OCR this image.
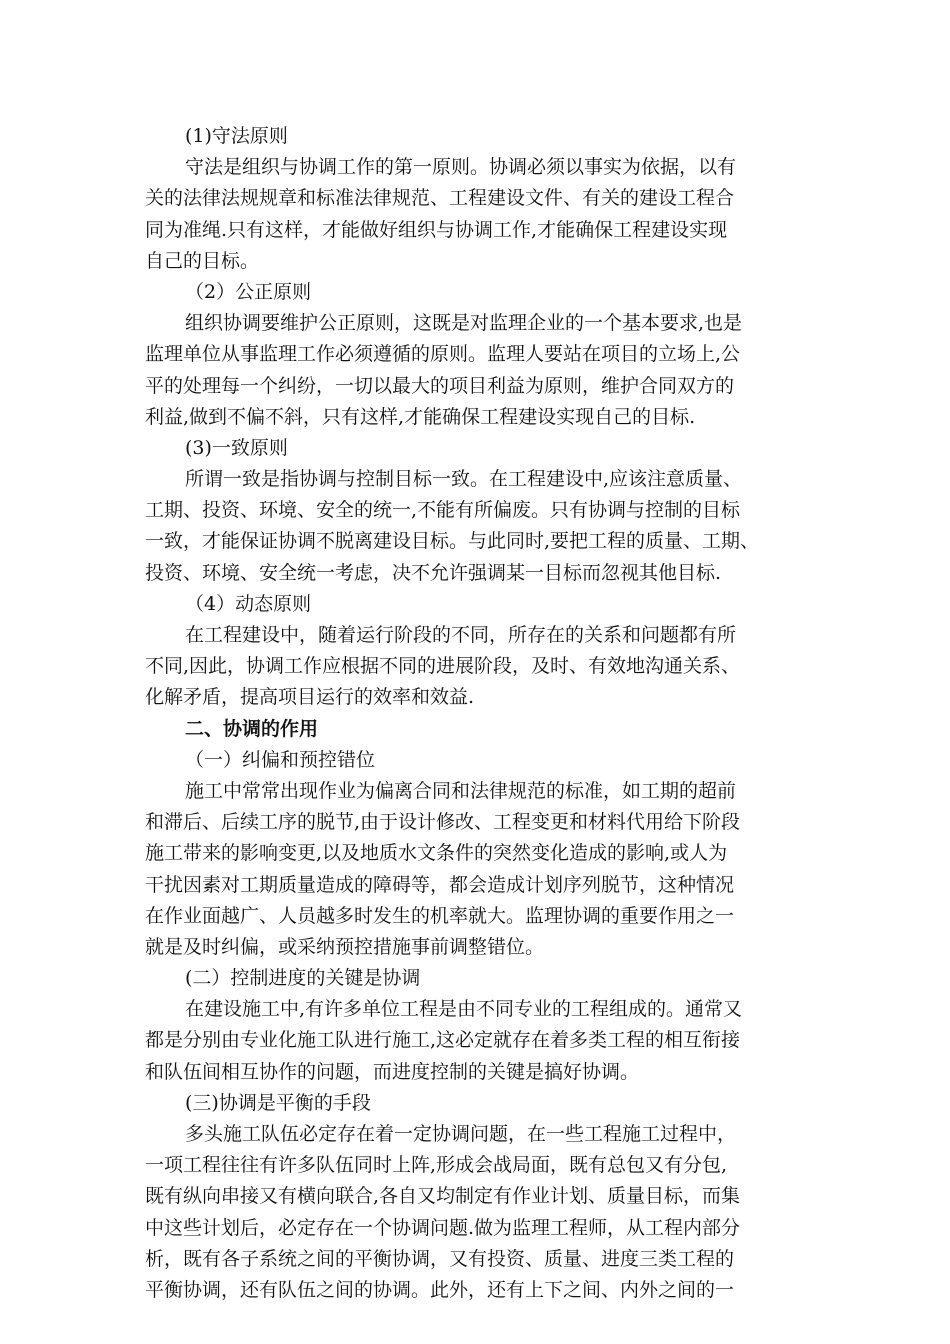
(1)守法原则
守法是组织与协调工作的第一原则。协调必须以事实为依据，以有
关的法律法规规章和标准法律规范、工程建设文件、有关的建设工程合
同为准绳.只有这样，才能做好组织与协调工作,才能确保工程建设实现
自己的目标。
（2）公正原则
组织协调要维护公正原则，这既是对监理企业的一个基本要求,也是
监理单位从事监理工作必须遵循的原则。监理人要站在项目的立场上,公
平的处理每一个纠纷，一切以最大的项目利益为原则，维护合同双方的
利益,做到不偏不斜，只有这样,才能确保工程建设实现自己的目标.
(3)一致原则
所谓一致是指协调与控制目标一致。在工程建设中,应该注意质量、
工期、投资、环境、安全的统一,不能有所偏废。只有协调与控制的目标
一致，才能保证协调不脱离建设目标。与此同时,要把工程的质量、工期、
投资、环境、安全统一考虑，决不允许强调某一目标而忽视其他目标.
（4）动态原则
在工程建设中，随着运行阶段的不同，所存在的关系和问题都有所
不同,因此，协调工作应根据不同的进展阶段，及时、有效地沟通关系、
化解矛盾，提高项目运行的效率和效益.
二、协调的作用
（一）纠偏和预控错位
施工中常常出现作业为偏离合同和法律规范的标准，如工期的超前
和滞后、后续工序的脱节,由于设计修改、工程变更和材料代用给下阶段
施工带来的影响变更,以及地质水文条件的突然变化造成的影响,或人为
干扰因素对工期质量造成的障碍等，都会造成计划序列脱节，这种情况
在作业面越广、人员越多时发生的机率就大。监理协调的重要作用之一
就是及时纠偏，或采纳预控措施事前调整错位。
(二）控制进度的关键是协调
在建设施工中,有许多单位工程是由不同专业的工程组成的。通常又
都是分别由专业化施工队进行施工,这必定就存在着多类工程的相互衔接
和队伍间相互协作的问题，而进度控制的关键是搞好协调。
(三)协调是平衡的手段
多头施工队伍必定存在着一定协调问题，在一些工程施工过程中，
一项工程往往有许多队伍同时上阵,形成会战局面，既有总包又有分包,
既有纵向串接又有横向联合,各自又均制定有作业计划、质量目标，而集
中这些计划后，必定存在一个协调问题.做为监理工程师，从工程内部分
析，既有各子系统之间的平衡协调，又有投资、质量、进度三类工程的
平衡协调，还有队伍之间的协调。此外，还有上下之间、内外之间的一
